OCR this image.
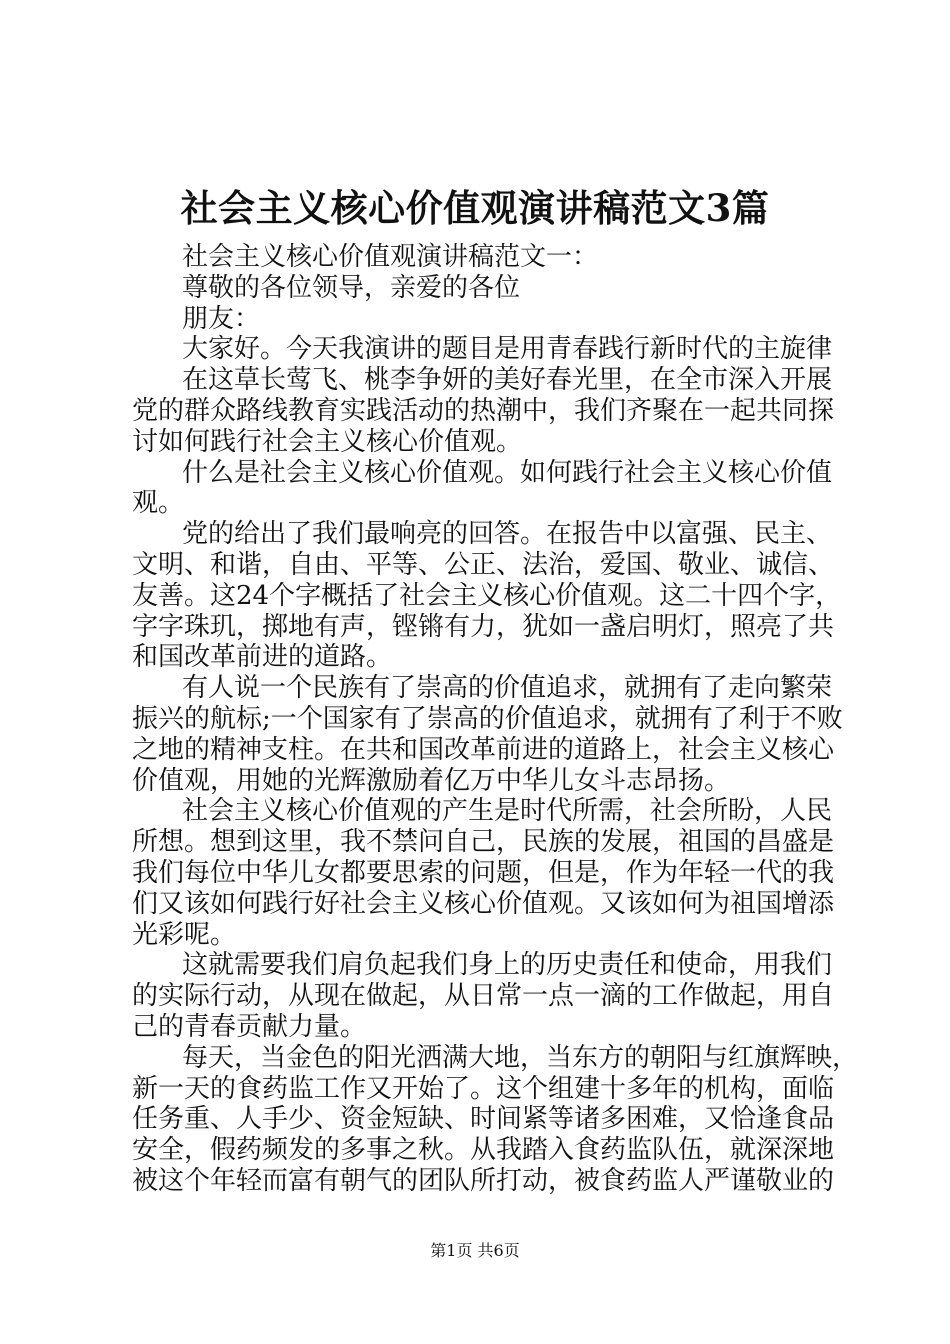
社会主义核心价值观演讲稿范文3篇
社会主义核心价值观演讲稿范文一：
尊敬的各位领导，亲爱的各位
朋友：
大家好。今天我演讲的题目是用青春践行新时代的主旋律
在这草长莺飞、桃李争妍的美好春光里，在全市深入开展
党的群众路线教育实践活动的热潮中，我们齐聚在一起共同探
讨如何践行社会主义核心价值观。
什么是社会主义核心价值观。如何践行社会主义核心价值
观。
党的给出了我们最响亮的回答。在报告中以富强、民主、
文明、和谐，自由、平等、公正、法治，爱国、敬业、诚信、
友善。这24个字概括了社会主义核心价值观。这二十四个字，
字字珠玑，掷地有声，铿锵有力，犹如一盏启明灯，照亮了共
和国改革前进的道路。
有人说一个民族有了崇高的价值追求，就拥有了走向繁荣
振兴的航标;一个国家有了崇高的价值追求，就拥有了利于不败
之地的精神支柱。在共和国改革前进的道路上，社会主义核心
价值观，用她的光辉激励着亿万中华儿女斗志昂扬。
社会主义核心价值观的产生是时代所需，社会所盼，人民
所想。想到这里，我不禁问自己，民族的发展，祖国的昌盛是
我们每位中华儿女都要思索的问题，但是，作为年轻一代的我
们又该如何践行好社会主义核心价值观。又该如何为祖国增添
光彩呢。
这就需要我们肩负起我们身上的历史责任和使命，用我们
的实际行动，从现在做起，从日常一点一滴的工作做起，用自
己的青春贡献力量。
每天，当金色的阳光洒满大地，当东方的朝阳与红旗辉映，
新一天的食药监工作又开始了。这个组建十多年的机构，面临
任务重、人手少、资金短缺、时间紧等诸多困难，又恰逢食品
安全，假药频发的多事之秋。从我踏入食药监队伍，就深深地
被这个年轻而富有朝气的团队所打动，被食药监人严谨敬业的
第1页 共6页
